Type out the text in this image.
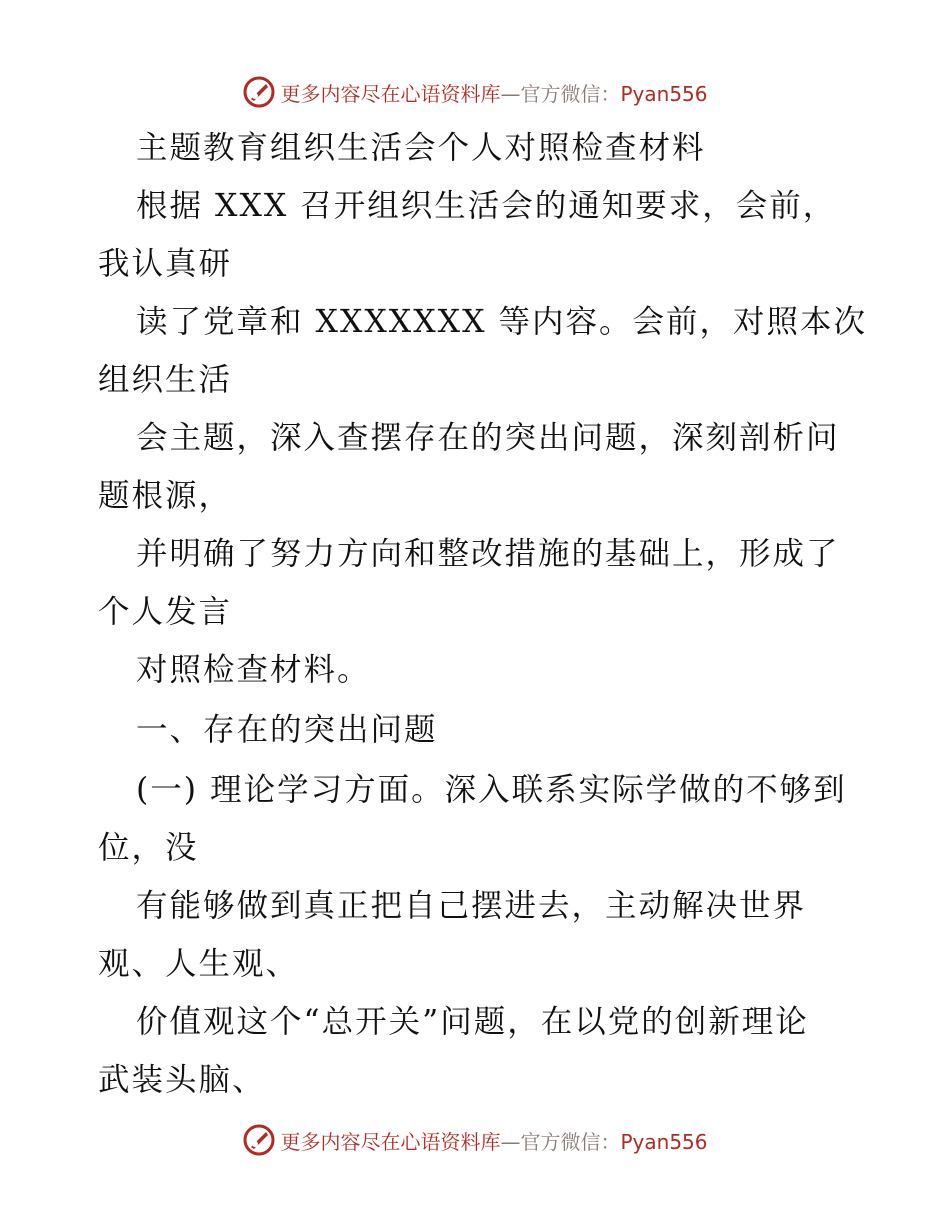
更多内容尽在心语资料库—官方微信：Pyan556
主题教育组织生活会个人对照检查材料
根据 XXX 召开组织生活会的通知要求，会前，
我认真研
读了党章和 XXXXXXX 等内容。会前，对照本次
组织生活
会主题，深入查摆存在的突出问题，深刻剖析问
题根源，
并明确了努力方向和整改措施的基础上，形成了
个人发言
对照检查材料。
一、存在的突出问题
(一) 理论学习方面。深入联系实际学做的不够到
位，没
有能够做到真正把自己摆进去，主动解决世界
观、人生观、
价值观这个“总开关”问题，在以党的创新理论
武装头脑、
更多内容尽在心语资料库—官方微信：Pyan556
